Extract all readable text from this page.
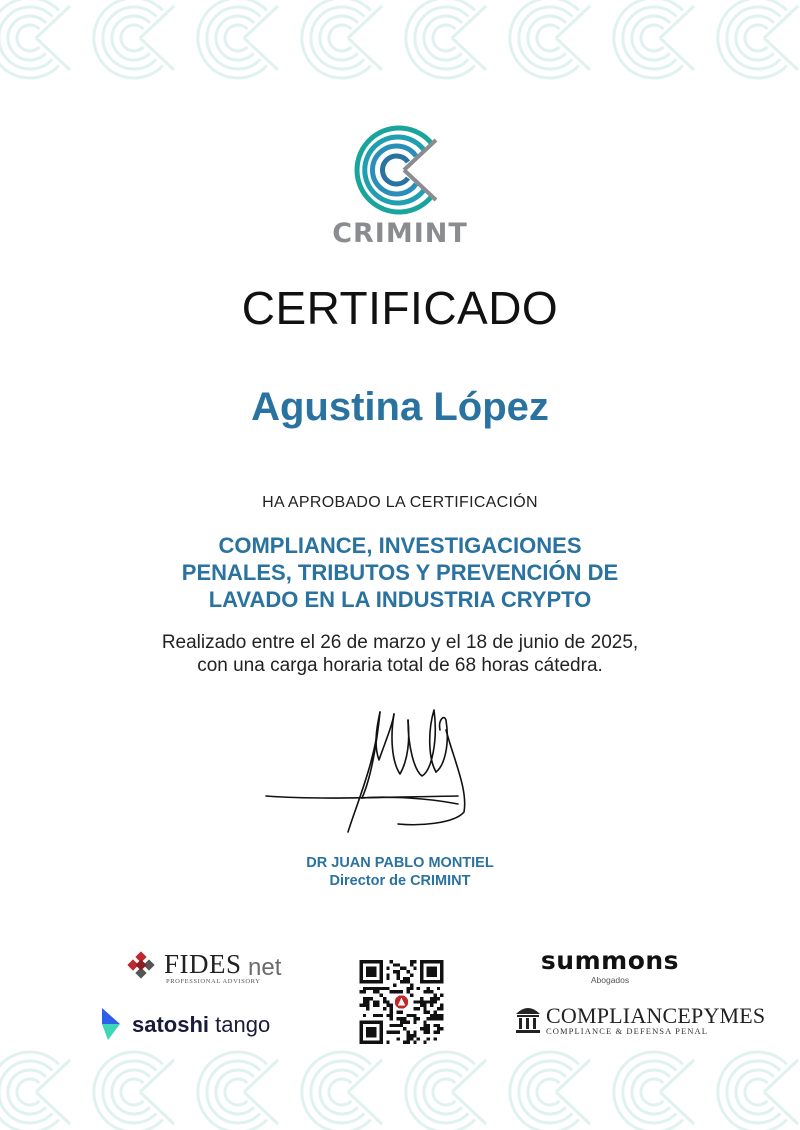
CRIMINT
CERTIFICADO
Agustina López
HA APROBADO LA CERTIFICACIÓN
COMPLIANCE, INVESTIGACIONES
PENALES, TRIBUTOS Y PREVENCIÓN DE
LAVADO EN LA INDUSTRIA CRYPTO
Realizado entre el 26 de marzo y el 18 de junio de 2025,
con una carga horaria total de 68 horas cátedra.
DR JUAN PABLO MONTIEL
Director de CRIMINT
FIDES net
PROFESSIONAL ADVISORY
satoshi tango
summons
Abogados
COMPLIANCEPYMES
COMPLIANCE & DEFENSA PENAL
